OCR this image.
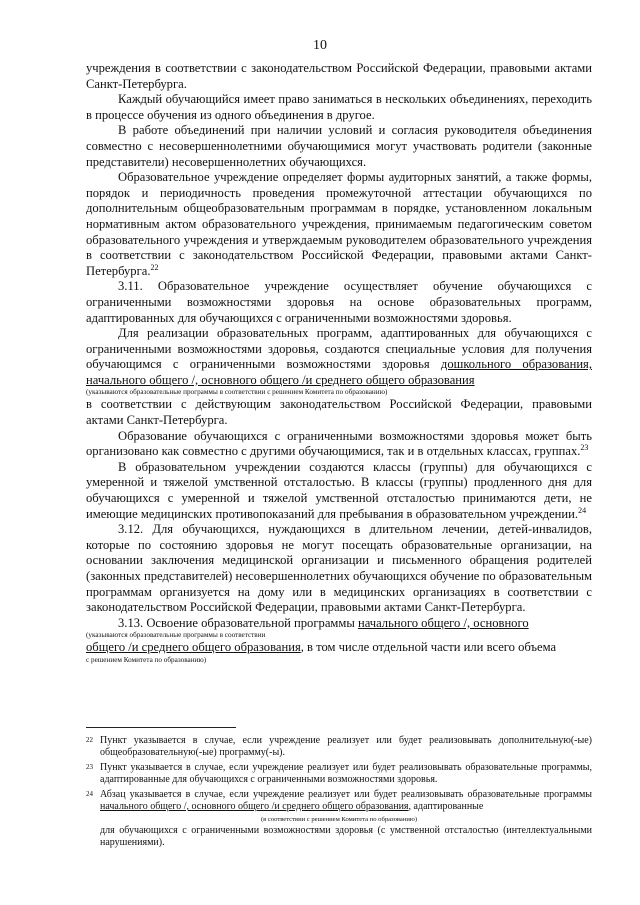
10

учреждения в соответствии с законодательством Российской Федерации, правовыми актами Санкт-Петербурга.

Каждый обучающийся имеет право заниматься в нескольких объединениях, переходить в процессе обучения из одного объединения в другое.

В работе объединений при наличии условий и согласия руководителя объединения совместно с несовершеннолетними обучающимися могут участвовать родители (законные представители) несовершеннолетних обучающихся.

Образовательное учреждение определяет формы аудиторных занятий, а также формы, порядок и периодичность проведения промежуточной аттестации обучающихся по дополнительным общеобразовательным программам в порядке, установленном локальным нормативным актом образовательного учреждения, принимаемым педагогическим советом образовательного учреждения и утверждаемым руководителем образовательного учреждения в соответствии с законодательством Российской Федерации, правовыми актами Санкт-Петербурга.$^{22}$

3.11. Образовательное учреждение осуществляет обучение обучающихся с ограниченными возможностями здоровья на основе образовательных программ, адаптированных для обучающихся с ограниченными возможностями здоровья.

Для реализации образовательных программ, адаптированных для обучающихся с ограниченными возможностями здоровья, создаются специальные условия для получения обучающимся с ограниченными возможностями здоровья дошкольного образования, начального общего /, основного общего /и среднего общего образования

(указываются образовательные программы в соответствии с решением Комитета по образованию)

в соответствии с действующим законодательством Российской Федерации, правовыми актами Санкт-Петербурга.

Образование обучающихся с ограниченными возможностями здоровья может быть организовано как совместно с другими обучающимися, так и в отдельных классах, группах.$^{23}$

В образовательном учреждении создаются классы (группы) для обучающихся с умеренной и тяжелой умственной отсталостью. В классы (группы) продленного дня для обучающихся с умеренной и тяжелой умственной отсталостью принимаются дети, не имеющие медицинских противопоказаний для пребывания в образовательном учреждении.$^{24}$

3.12. Для обучающихся, нуждающихся в длительном лечении, детей-инвалидов, которые по состоянию здоровья не могут посещать образовательные организации, на основании заключения медицинской организации и письменного обращения родителей (законных представителей) несовершеннолетних обучающихся обучение по образовательным программам организуется на дому или в медицинских организациях в соответствии с законодательством Российской Федерации, правовыми актами Санкт-Петербурга.

3.13. Освоение образовательной программы начального общего /, основного

(указываются образовательные программы в соответствии

общего /и среднего общего образования, в том числе отдельной части или всего объема

с решением Комитета по образованию)

22 Пункт указывается в случае, если учреждение реализует или будет реализовывать дополнительную(-ые) общеобразовательную(-ые) программу(-ы).
23 Пункт указывается в случае, если учреждение реализует или будет реализовывать образовательные программы, адаптированные для обучающихся с ограниченными возможностями здоровья.
24 Абзац указывается в случае, если учреждение реализует или будет реализовывать образовательные программы начального общего /, основного общего /и среднего общего образования, адаптированные

(в соответствии с решением Комитета по образованию)

для обучающихся с ограниченными возможностями здоровья (с умственной отсталостью (интеллектуальными нарушениями).
